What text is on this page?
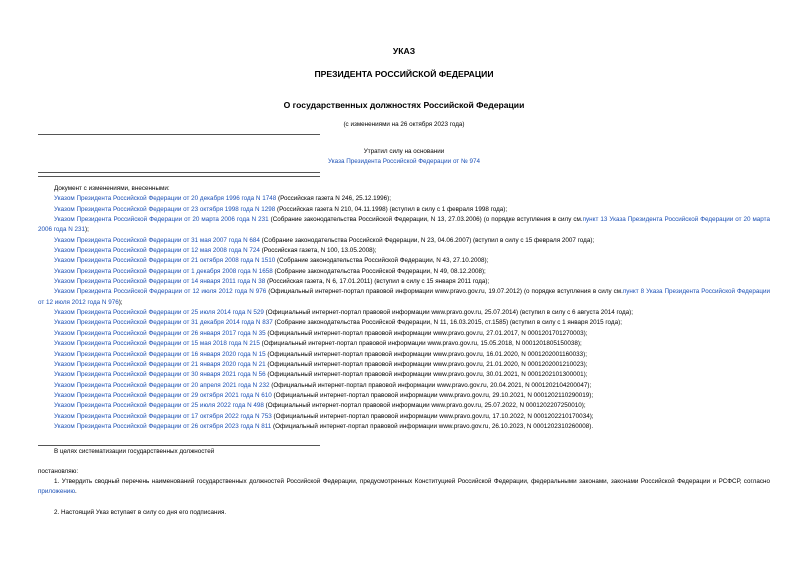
УКАЗ
ПРЕЗИДЕНТА РОССИЙСКОЙ ФЕДЕРАЦИИ
О государственных должностях Российской Федерации
(с изменениями на 26 октября 2023 года)
Утратил силу на основании
Указа Президента Российской Федерации от № 974
Документ с изменениями, внесенными:
Указом Президента Российской Федерации от 20 декабря 1996 года N 1748 (Российская газета N 246, 25.12.1996);
Указом Президента Российской Федерации от 23 октября 1998 года N 1298 (Российская газета N 210, 04.11.1998) (вступил в силу с 1 февраля 1998 года);
Указом Президента Российской Федерации от 20 марта 2006 года N 231 (Собрание законодательства Российской Федерации, N 13, 27.03.2006) (о порядке вступления в силу см.пункт 13 Указа Президента Российской Федерации от 20 марта 2006 года N 231);
Указом Президента Российской Федерации от 31 мая 2007 года N 684 (Собрание законодательства Российской Федерации, N 23, 04.06.2007) (вступил в силу с 15 февраля 2007 года);
Указом Президента Российской Федерации от 12 мая 2008 года N 724 (Российская газета, N 100, 13.05.2008);
Указом Президента Российской Федерации от 21 октября 2008 года N 1510 (Собрание законодательства Российской Федерации, N 43, 27.10.2008);
Указом Президента Российской Федерации от 1 декабря 2008 года N 1658 (Собрание законодательства Российской Федерации, N 49, 08.12.2008);
Указом Президента Российской Федерации от 14 января 2011 года N 38 (Российская газета, N 6, 17.01.2011) (вступил в силу с 15 января 2011 года);
Указом Президента Российской Федерации от 12 июля 2012 года N 976 (Официальный интернет-портал правовой информации www.pravo.gov.ru, 19.07.2012) (о порядке вступления в силу см.пункт 8 Указа Президента Российской Федерации от 12 июля 2012 года N 976);
Указом Президента Российской Федерации от 25 июля 2014 года N 529 (Официальный интернет-портал правовой информации www.pravo.gov.ru, 25.07.2014) (вступил в силу с 6 августа 2014 года);
Указом Президента Российской Федерации от 31 декабря 2014 года N 837 (Собрание законодательства Российской Федерации, N 11, 16.03.2015, ст.1585) (вступил в силу с 1 января 2015 года);
Указом Президента Российской Федерации от 26 января 2017 года N 35 (Официальный интернет-портал правовой информации www.pravo.gov.ru, 27.01.2017, N 0001201701270003);
Указом Президента Российской Федерации от 15 мая 2018 года N 215 (Официальный интернет-портал правовой информации www.pravo.gov.ru, 15.05.2018, N 0001201805150038);
Указом Президента Российской Федерации от 16 января 2020 года N 15 (Официальный интернет-портал правовой информации www.pravo.gov.ru, 16.01.2020, N 0001202001160033);
Указом Президента Российской Федерации от 21 января 2020 года N 21 (Официальный интернет-портал правовой информации www.pravo.gov.ru, 21.01.2020, N 0001202001210023);
Указом Президента Российской Федерации от 30 января 2021 года N 56 (Официальный интернет-портал правовой информации www.pravo.gov.ru, 30.01.2021, N 0001202101300001);
Указом Президента Российской Федерации от 20 апреля 2021 года N 232 (Официальный интернет-портал правовой информации www.pravo.gov.ru, 20.04.2021, N 0001202104200047);
Указом Президента Российской Федерации от 29 октября 2021 года N 610 (Официальный интернет-портал правовой информации www.pravo.gov.ru, 29.10.2021, N 0001202110290019);
Указом Президента Российской Федерации от 25 июля 2022 года N 498 (Официальный интернет-портал правовой информации www.pravo.gov.ru, 25.07.2022, N 0001202207250010);
Указом Президента Российской Федерации от 17 октября 2022 года N 753 (Официальный интернет-портал правовой информации www.pravo.gov.ru, 17.10.2022, N 0001202210170034);
Указом Президента Российской Федерации от 26 октября 2023 года N 811 (Официальный интернет-портал правовой информации www.pravo.gov.ru, 26.10.2023, N 0001202310260008).
В целях систематизации государственных должностей
постановляю:
1. Утвердить сводный перечень наименований государственных должностей Российской Федерации, предусмотренных Конституцией Российской Федерации, федеральными законами, законами Российской Федерации и РСФСР, согласно приложению.
2. Настоящий Указ вступает в силу со дня его подписания.
